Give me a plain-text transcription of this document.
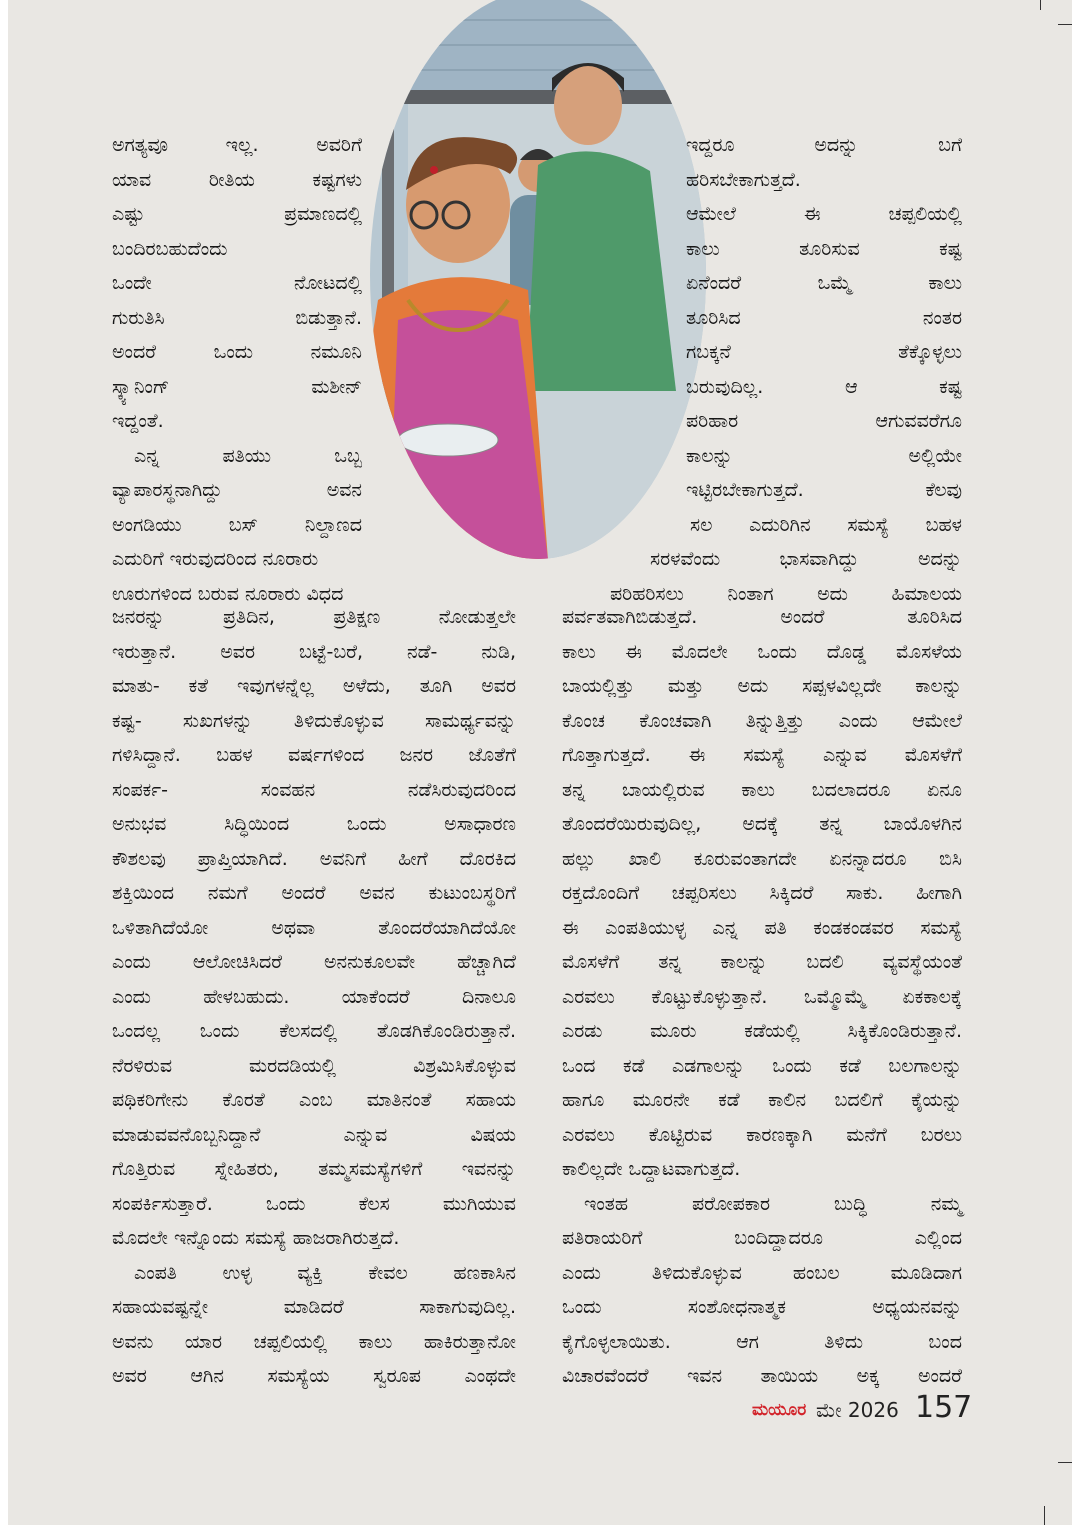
ಅಗತ್ಯವೂ ಇಲ್ಲ. ಅವರಿಗೆ
ಯಾವ ರೀತಿಯ ಕಷ್ಟಗಳು
ಎಷ್ಟು ಪ್ರಮಾಣದಲ್ಲಿ
ಬಂದಿರಬಹುದೆಂದು
ಒಂದೇ ನೋಟದಲ್ಲಿ
ಗುರುತಿಸಿ ಬಿಡುತ್ತಾನೆ.
ಅಂದರೆ ಒಂದು ನಮೂನಿ
ಸ್ಕ್ಯಾನಿಂಗ್ ಮಶೀನ್
ಇದ್ದಂತೆ.
ಎನ್ನ ಪತಿಯು ಒಬ್ಬ
ವ್ಯಾಪಾರಸ್ಥನಾಗಿದ್ದು ಅವನ
ಅಂಗಡಿಯು ಬಸ್ ನಿಲ್ದಾಣದ
ಎದುರಿಗೆ ಇರುವುದರಿಂದ ನೂರಾರು
ಊರುಗಳಿಂದ ಬರುವ ನೂರಾರು ವಿಧದ
ಇದ್ದರೂ ಅದನ್ನು ಬಗೆ
ಹರಿಸಬೇಕಾಗುತ್ತದೆ.
ಆಮೇಲೆ ಈ ಚಪ್ಪಲಿಯಲ್ಲಿ
ಕಾಲು ತೂರಿಸುವ ಕಷ್ಟ
ಏನೆಂದರೆ ಒಮ್ಮೆ ಕಾಲು
ತೂರಿಸಿದ ನಂತರ
ಗಬಕ್ಕನೆ ತೆಕ್ಕೊಳ್ಳಲು
ಬರುವುದಿಲ್ಲ. ಆ ಕಷ್ಟ
ಪರಿಹಾರ ಆಗುವವರೆಗೂ
ಕಾಲನ್ನು ಅಲ್ಲಿಯೇ
ಇಟ್ಟಿರಬೇಕಾಗುತ್ತದೆ. ಕೆಲವು
ಸಲ ಎದುರಿಗಿನ ಸಮಸ್ಯೆ ಬಹಳ
ಸರಳವೆಂದು ಭಾಸವಾಗಿದ್ದು ಅದನ್ನು
ಪರಿಹರಿಸಲು ನಿಂತಾಗ ಅದು ಹಿಮಾಲಯ
ಜನರನ್ನು ಪ್ರತಿದಿನ, ಪ್ರತಿಕ್ಷಣ ನೋಡುತ್ತಲೇ
ಇರುತ್ತಾನೆ. ಅವರ ಬಟ್ಟೆ-ಬರೆ, ನಡೆ- ನುಡಿ,
ಮಾತು- ಕತೆ ಇವುಗಳನ್ನೆಲ್ಲ ಅಳೆದು, ತೂಗಿ ಅವರ
ಕಷ್ಟ- ಸುಖಗಳನ್ನು ತಿಳಿದುಕೊಳ್ಳುವ ಸಾಮರ್ಥ್ಯವನ್ನು
ಗಳಿಸಿದ್ದಾನೆ. ಬಹಳ ವರ್ಷಗಳಿಂದ ಜನರ ಜೊತೆಗೆ
ಸಂಪರ್ಕ- ಸಂವಹನ ನಡೆಸಿರುವುದರಿಂದ
ಅನುಭವ ಸಿದ್ಧಿಯಿಂದ ಒಂದು ಅಸಾಧಾರಣ
ಕೌಶಲವು ಪ್ರಾಪ್ತಿಯಾಗಿದೆ. ಅವನಿಗೆ ಹೀಗೆ ದೊರಕಿದ
ಶಕ್ತಿಯಿಂದ ನಮಗೆ ಅಂದರೆ ಅವನ ಕುಟುಂಬಸ್ಥರಿಗೆ
ಒಳಿತಾಗಿದೆಯೋ ಅಥವಾ ತೊಂದರೆಯಾಗಿದೆಯೋ
ಎಂದು ಆಲೋಚಿಸಿದರೆ ಅನನುಕೂಲವೇ ಹೆಚ್ಚಾಗಿದೆ
ಎಂದು ಹೇಳಬಹುದು. ಯಾಕೆಂದರೆ ದಿನಾಲೂ
ಒಂದಲ್ಲ ಒಂದು ಕೆಲಸದಲ್ಲಿ ತೊಡಗಿಕೊಂಡಿರುತ್ತಾನೆ.
ನೆರಳಿರುವ ಮರದಡಿಯಲ್ಲಿ ವಿಶ್ರಮಿಸಿಕೊಳ್ಳುವ
ಪಥಿಕರಿಗೇನು ಕೊರತೆ ಎಂಬ ಮಾತಿನಂತೆ ಸಹಾಯ
ಮಾಡುವವನೊಬ್ಬನಿದ್ದಾನೆ ಎನ್ನುವ ವಿಷಯ
ಗೊತ್ತಿರುವ ಸ್ನೇಹಿತರು, ತಮ್ಮಸಮಸ್ಯೆಗಳಿಗೆ ಇವನನ್ನು
ಸಂಪರ್ಕಿಸುತ್ತಾರೆ. ಒಂದು ಕೆಲಸ ಮುಗಿಯುವ
ಮೊದಲೇ ಇನ್ನೊಂದು ಸಮಸ್ಯೆ ಹಾಜರಾಗಿರುತ್ತದೆ.
ಎಂಪತಿ ಉಳ್ಳ ವ್ಯಕ್ತಿ ಕೇವಲ ಹಣಕಾಸಿನ
ಸಹಾಯವಷ್ಟನ್ನೇ ಮಾಡಿದರೆ ಸಾಕಾಗುವುದಿಲ್ಲ.
ಅವನು ಯಾರ ಚಪ್ಪಲಿಯಲ್ಲಿ ಕಾಲು ಹಾಕಿರುತ್ತಾನೋ
ಅವರ ಆಗಿನ ಸಮಸ್ಯೆಯ ಸ್ವರೂಪ ಎಂಥದೇ
ಪರ್ವತವಾಗಿಬಿಡುತ್ತದೆ. ಅಂದರೆ ತೂರಿಸಿದ
ಕಾಲು ಈ ಮೊದಲೇ ಒಂದು ದೊಡ್ಡ ಮೊಸಳೆಯ
ಬಾಯಲ್ಲಿತ್ತು ಮತ್ತು ಅದು ಸಪ್ಪಳವಿಲ್ಲದೇ ಕಾಲನ್ನು
ಕೊಂಚ ಕೊಂಚವಾಗಿ ತಿನ್ನುತ್ತಿತ್ತು ಎಂದು ಆಮೇಲೆ
ಗೊತ್ತಾಗುತ್ತದೆ. ಈ ಸಮಸ್ಯೆ ಎನ್ನುವ ಮೊಸಳೆಗೆ
ತನ್ನ ಬಾಯಲ್ಲಿರುವ ಕಾಲು ಬದಲಾದರೂ ಏನೂ
ತೊಂದರೆಯಿರುವುದಿಲ್ಲ, ಅದಕ್ಕೆ ತನ್ನ ಬಾಯೊಳಗಿನ
ಹಲ್ಲು ಖಾಲಿ ಕೂರುವಂತಾಗದೇ ಏನನ್ನಾದರೂ ಬಿಸಿ
ರಕ್ತದೊಂದಿಗೆ ಚಪ್ಪರಿಸಲು ಸಿಕ್ಕಿದರೆ ಸಾಕು. ಹೀಗಾಗಿ
ಈ ಎಂಪತಿಯುಳ್ಳ ಎನ್ನ ಪತಿ ಕಂಡಕಂಡವರ ಸಮಸ್ಯೆ
ಮೊಸಳೆಗೆ ತನ್ನ ಕಾಲನ್ನು ಬದಲಿ ವ್ಯವಸ್ಥೆಯಂತೆ
ಎರವಲು ಕೊಟ್ಟುಕೊಳ್ಳುತ್ತಾನೆ. ಒಮ್ಮೊಮ್ಮೆ ಏಕಕಾಲಕ್ಕೆ
ಎರಡು ಮೂರು ಕಡೆಯಲ್ಲಿ ಸಿಕ್ಕಿಕೊಂಡಿರುತ್ತಾನೆ.
ಒಂದ ಕಡೆ ಎಡಗಾಲನ್ನು ಒಂದು ಕಡೆ ಬಲಗಾಲನ್ನು
ಹಾಗೂ ಮೂರನೇ ಕಡೆ ಕಾಲಿನ ಬದಲಿಗೆ ಕೈಯನ್ನು
ಎರವಲು ಕೊಟ್ಟಿರುವ ಕಾರಣಕ್ಕಾಗಿ ಮನೆಗೆ ಬರಲು
ಕಾಲಿಲ್ಲದೇ ಒದ್ದಾಟವಾಗುತ್ತದೆ.
ಇಂತಹ ಪರೋಪಕಾರ ಬುದ್ಧಿ ನಮ್ಮ
ಪತಿರಾಯರಿಗೆ ಬಂದಿದ್ದಾದರೂ ಎಲ್ಲಿಂದ
ಎಂದು ತಿಳಿದುಕೊಳ್ಳುವ ಹಂಬಲ ಮೂಡಿದಾಗ
ಒಂದು ಸಂಶೋಧನಾತ್ಮಕ ಅಧ್ಯಯನವನ್ನು
ಕೈಗೊಳ್ಳಲಾಯಿತು. ಆಗ ತಿಳಿದು ಬಂದ
ವಿಚಾರವೆಂದರೆ ಇವನ ತಾಯಿಯ ಅಕ್ಕ ಅಂದರೆ
ಮಯೂರ ಮೇ 2026 157
